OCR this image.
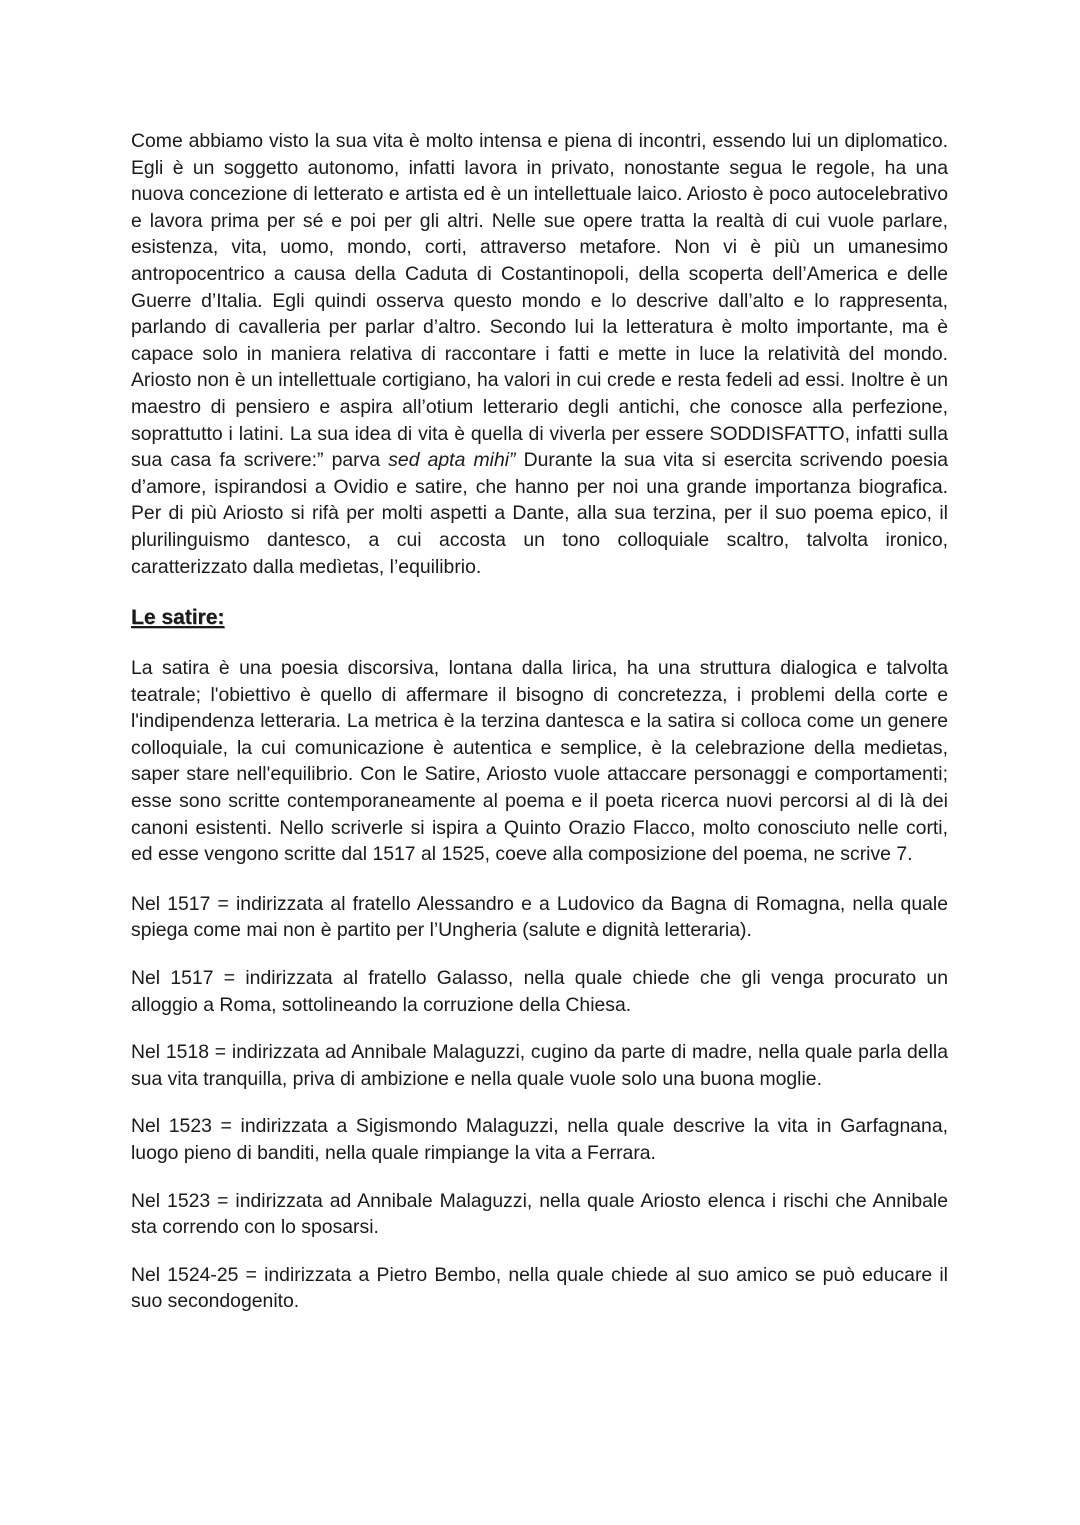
Come abbiamo visto la sua vita è molto intensa e piena di incontri, essendo lui un diplomatico. Egli è un soggetto autonomo, infatti lavora in privato, nonostante segua le regole, ha una nuova concezione di letterato e artista ed è un intellettuale laico. Ariosto è poco autocelebrativo e lavora prima per sé e poi per gli altri. Nelle sue opere tratta la realtà di cui vuole parlare, esistenza, vita, uomo, mondo, corti, attraverso metafore. Non vi è più un umanesimo antropocentrico a causa della Caduta di Costantinopoli, della scoperta dell’America e delle Guerre d’Italia. Egli quindi osserva questo mondo e lo descrive dall’alto e lo rappresenta, parlando di cavalleria per parlar d’altro. Secondo lui la letteratura è molto importante, ma è capace solo in maniera relativa di raccontare i fatti e mette in luce la relatività del mondo. Ariosto non è un intellettuale cortigiano, ha valori in cui crede e resta fedeli ad essi. Inoltre è un maestro di pensiero e aspira all’otium letterario degli antichi, che conosce alla perfezione, soprattutto i latini. La sua idea di vita è quella di viverla per essere SODDISFATTO, infatti sulla sua casa fa scrivere:” parva sed apta mihi” Durante la sua vita si esercita scrivendo poesia d’amore, ispirandosi a Ovidio e satire, che hanno per noi una grande importanza biografica. Per di più Ariosto si rifà per molti aspetti a Dante, alla sua terzina, per il suo poema epico, il plurilinguismo dantesco, a cui accosta un tono colloquiale scaltro, talvolta ironico, caratterizzato dalla medìetas, l’equilibrio.

Le satire:

La satira è una poesia discorsiva, lontana dalla lirica, ha una struttura dialogica e talvolta teatrale; l'obiettivo è quello di affermare il bisogno di concretezza, i problemi della corte e l'indipendenza letteraria. La metrica è la terzina dantesca e la satira si colloca come un genere colloquiale, la cui comunicazione è autentica e semplice, è la celebrazione della medietas, saper stare nell'equilibrio. Con le Satire, Ariosto vuole attaccare personaggi e comportamenti; esse sono scritte contemporaneamente al poema e il poeta ricerca nuovi percorsi al di là dei canoni esistenti. Nello scriverle si ispira a Quinto Orazio Flacco, molto conosciuto nelle corti, ed esse vengono scritte dal 1517 al 1525, coeve alla composizione del poema, ne scrive 7.

Nel 1517 = indirizzata al fratello Alessandro e a Ludovico da Bagna di Romagna, nella quale spiega come mai non è partito per l’Ungheria (salute e dignità letteraria).

Nel 1517 = indirizzata al fratello Galasso, nella quale chiede che gli venga procurato un alloggio a Roma, sottolineando la corruzione della Chiesa.

Nel 1518 = indirizzata ad Annibale Malaguzzi, cugino da parte di madre, nella quale parla della sua vita tranquilla, priva di ambizione e nella quale vuole solo una buona moglie.

Nel 1523 = indirizzata a Sigismondo Malaguzzi, nella quale descrive la vita in Garfagnana, luogo pieno di banditi, nella quale rimpiange la vita a Ferrara.

Nel 1523 = indirizzata ad Annibale Malaguzzi, nella quale Ariosto elenca i rischi che Annibale sta correndo con lo sposarsi.

Nel 1524-25 = indirizzata a Pietro Bembo, nella quale chiede al suo amico se può educare il suo secondogenito.
